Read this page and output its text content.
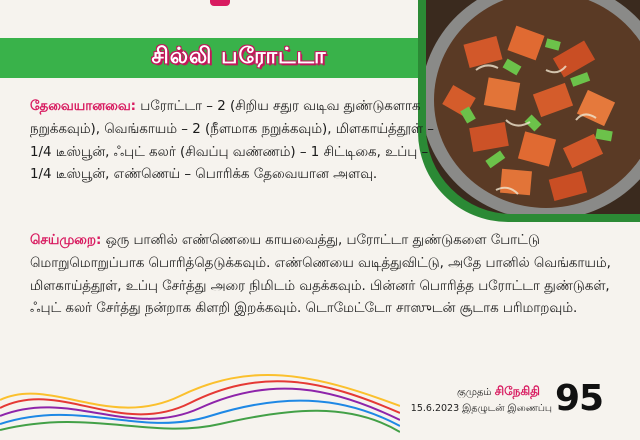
சில்லி பரோட்டா

தேவையானவை: பரோட்டா – 2 (சிறிய சதுர வடிவ துண்டுகளாக நறுக்கவும்), வெங்காயம் – 2 (நீளமாக நறுக்கவும்), மிளகாய்த்தூள் – 1/4 டீஸ்பூன், ஃபுட் கலர் (சிவப்பு வண்ணம்) – 1 சிட்டிகை, உப்பு – 1/4 டீஸ்பூன், எண்ணெய் – பொரிக்க தேவையான அளவு.

செய்முறை: ஒரு பானில் எண்ணெயை காயவைத்து, பரோட்டா துண்டுகளை போட்டு மொறுமொறுப்பாக பொரித்தெடுக்கவும். எண்ணெயை வடித்துவிட்டு, அதே பானில் வெங்காயம், மிளகாய்த்தூள், உப்பு சேர்த்து அரை நிமிடம் வதக்கவும். பின்னர் பொரித்த பரோட்டா துண்டுகள், ஃபுட் கலர் சேர்த்து நன்றாக கிளறி இறக்கவும். டொமேட்டோ சாஸுடன் சூடாக பரிமாறவும்.

குமுதம் சிநேகிதி
15.6.2023 இதழுடன் இணைப்பு 95
